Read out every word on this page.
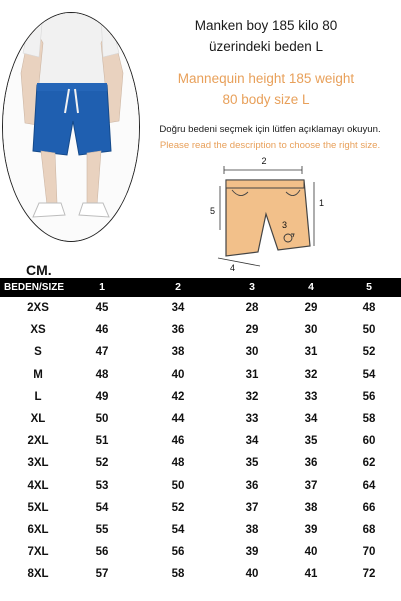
Manken boy 185 kilo 80
üzerindeki beden L
Mannequin height 185 weight
80 body size L
Doğru bedeni seçmek için lütfen açıklamayı okuyun.
Please read the description to choose the right size.
2
1
5
3
4
CM.
BEDEN/SIZE	1	2	3	4	5
2XS	45	34	28	29	48
XS	46	36	29	30	50
S	47	38	30	31	52
M	48	40	31	32	54
L	49	42	32	33	56
XL	50	44	33	34	58
2XL	51	46	34	35	60
3XL	52	48	35	36	62
4XL	53	50	36	37	64
5XL	54	52	37	38	66
6XL	55	54	38	39	68
7XL	56	56	39	40	70
8XL	57	58	40	41	72
